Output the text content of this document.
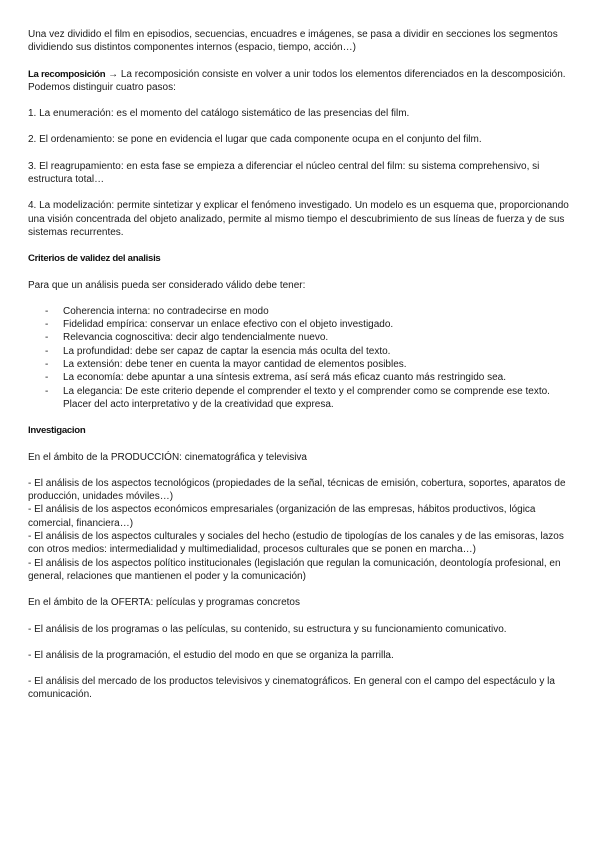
Una vez dividido el film en episodios, secuencias, encuadres e imágenes, se pasa a dividir en secciones los segmentos dividiendo sus distintos componentes internos (espacio, tiempo, acción…)

La recomposición → La recomposición consiste en volver a unir todos los elementos diferenciados en la descomposición. Podemos distinguir cuatro pasos:

1. La enumeración: es el momento del catálogo sistemático de las presencias del film.

2. El ordenamiento: se pone en evidencia el lugar que cada componente ocupa en el conjunto del film.

3. El reagrupamiento: en esta fase se empieza a diferenciar el núcleo central del film: su sistema comprehensivo, si estructura total…

4. La modelización: permite sintetizar y explicar el fenómeno investigado. Un modelo es un esquema que, proporcionando una visión concentrada del objeto analizado, permite al mismo tiempo el descubrimiento de sus líneas de fuerza y de sus sistemas recurrentes.

Criterios de validez del analisis

Para que un análisis pueda ser considerado válido debe tener:

- Coherencia interna: no contradecirse en modo
- Fidelidad empírica: conservar un enlace efectivo con el objeto investigado.
- Relevancia cognoscitiva: decir algo tendencialmente nuevo.
- La profundidad: debe ser capaz de captar la esencia más oculta del texto.
- La extensión: debe tener en cuenta la mayor cantidad de elementos posibles.
- La economía: debe apuntar a una síntesis extrema, así será más eficaz cuanto más restringido sea.
- La elegancia: De este criterio depende el comprender el texto y el comprender como se comprende ese texto. Placer del acto interpretativo y de la creatividad que expresa.

Investigacion

En el ámbito de la PRODUCCIÓN: cinematográfica y televisiva

- El análisis de los aspectos tecnológicos (propiedades de la señal, técnicas de emisión, cobertura, soportes, aparatos de producción, unidades móviles…)

- El análisis de los aspectos económicos empresariales (organización de las empresas, hábitos productivos, lógica comercial, financiera…)

- El análisis de los aspectos culturales y sociales del hecho (estudio de tipologías de los canales y de las emisoras, lazos con otros medios: intermedialidad y multimedialidad, procesos culturales que se ponen en marcha…)

- El análisis de los aspectos político institucionales (legislación que regulan la comunicación, deontología profesional, en general, relaciones que mantienen el poder y la comunicación)

En el ámbito de la OFERTA: películas y programas concretos

- El análisis de los programas o las películas, su contenido, su estructura y su funcionamiento comunicativo.

- El análisis de la programación, el estudio del modo en que se organiza la parrilla.

- El análisis del mercado de los productos televisivos y cinematográficos. En general con el campo del espectáculo y la comunicación.
